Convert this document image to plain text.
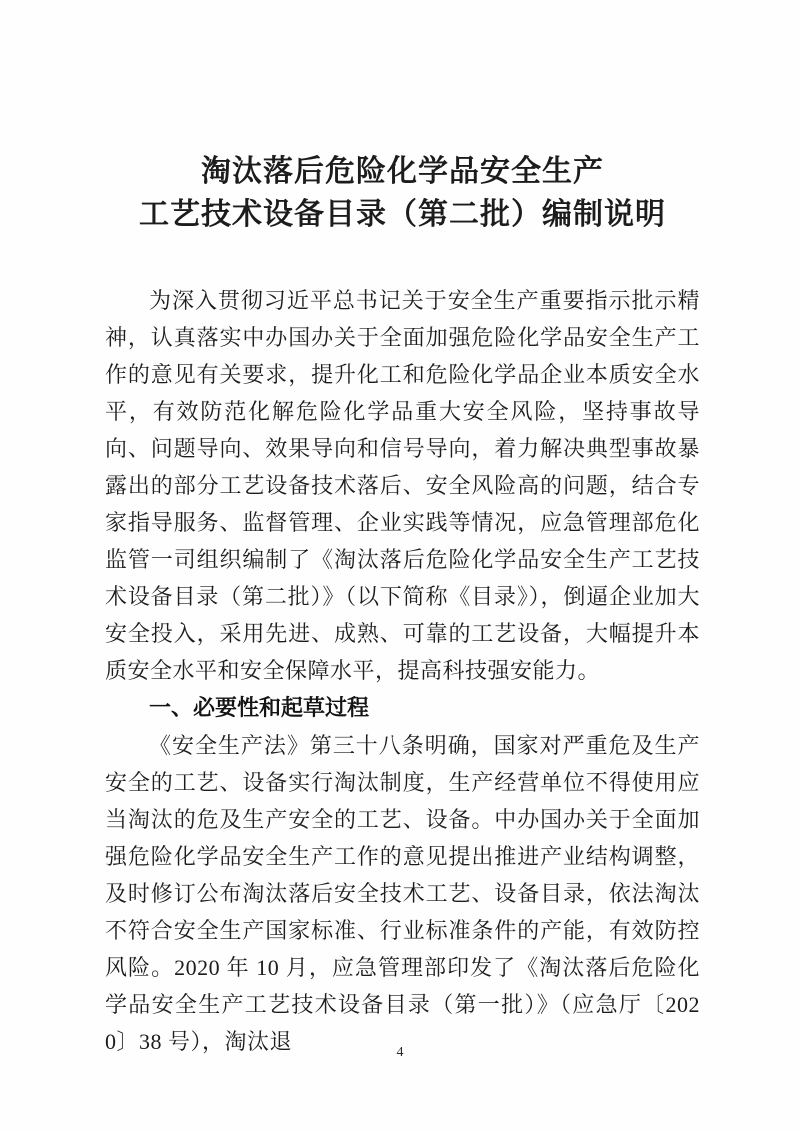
淘汰落后危险化学品安全生产
工艺技术设备目录（第二批）编制说明

为深入贯彻习近平总书记关于安全生产重要指示批示精神，认真落实中办国办关于全面加强危险化学品安全生产工作的意见有关要求，提升化工和危险化学品企业本质安全水平，有效防范化解危险化学品重大安全风险，坚持事故导向、问题导向、效果导向和信号导向，着力解决典型事故暴露出的部分工艺设备技术落后、安全风险高的问题，结合专家指导服务、监督管理、企业实践等情况，应急管理部危化监管一司组织编制了《淘汰落后危险化学品安全生产工艺技术设备目录（第二批）》（以下简称《目录》），倒逼企业加大安全投入，采用先进、成熟、可靠的工艺设备，大幅提升本质安全水平和安全保障水平，提高科技强安能力。

一、必要性和起草过程

《安全生产法》第三十八条明确，国家对严重危及生产安全的工艺、设备实行淘汰制度，生产经营单位不得使用应当淘汰的危及生产安全的工艺、设备。中办国办关于全面加强危险化学品安全生产工作的意见提出推进产业结构调整，及时修订公布淘汰落后安全技术工艺、设备目录，依法淘汰不符合安全生产国家标准、行业标准条件的产能，有效防控风险。2020 年 10 月，应急管理部印发了《淘汰落后危险化学品安全生产工艺技术设备目录（第一批）》（应急厅〔2020〕38 号），淘汰退	4
